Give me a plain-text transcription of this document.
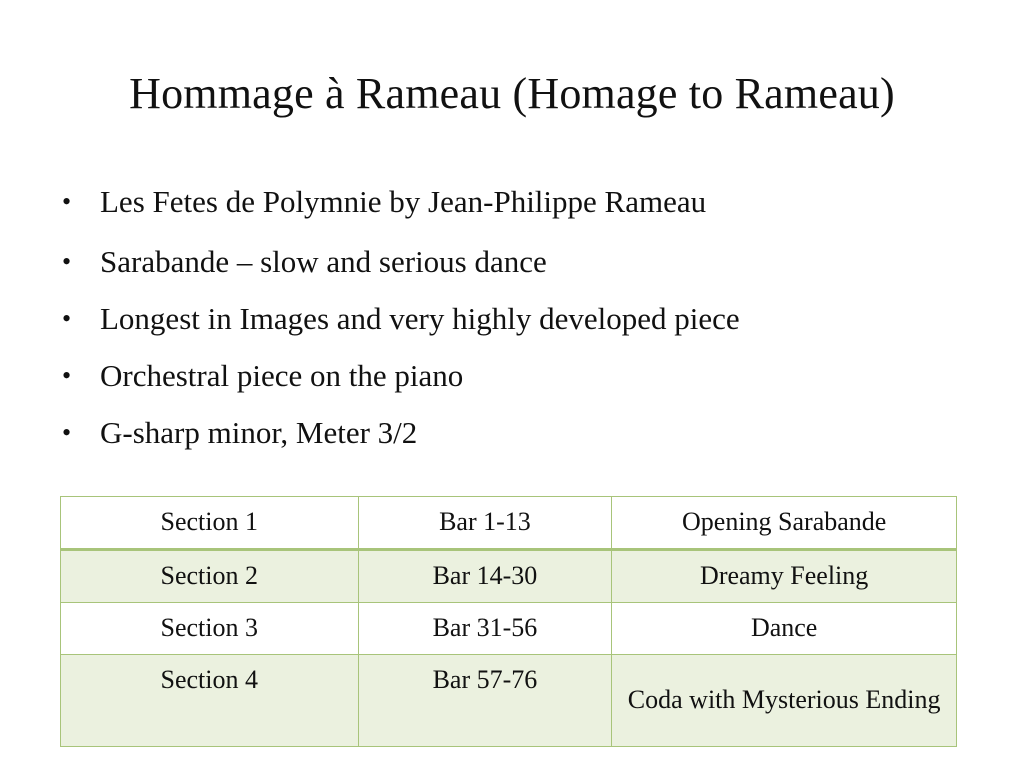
Hommage à Rameau (Homage to Rameau)
• Les Fetes de Polymnie by Jean-Philippe Rameau
• Sarabande – slow and serious dance
• Longest in Images and very highly developed piece
• Orchestral piece on the piano
• G-sharp minor, Meter 3/2
Section 1	Bar 1-13	Opening Sarabande
Section 2	Bar 14-30	Dreamy Feeling
Section 3	Bar 31-56	Dance
Section 4	Bar 57-76	Coda with Mysterious Ending
